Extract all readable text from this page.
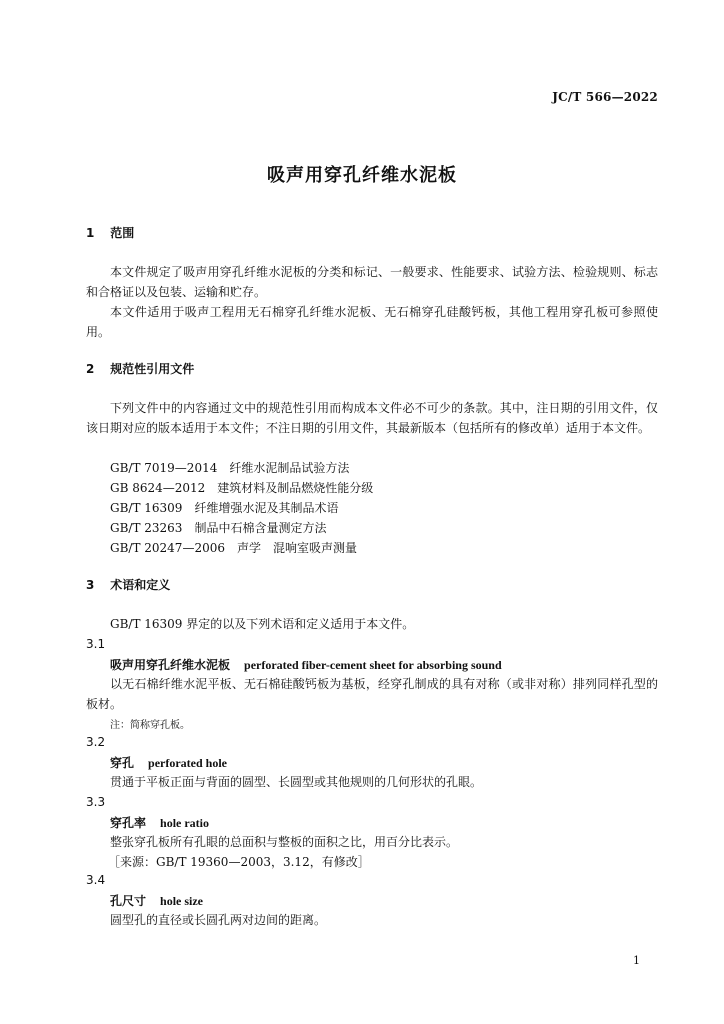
JC/T 566—2022
吸声用穿孔纤维水泥板
1 范围
本文件规定了吸声用穿孔纤维水泥板的分类和标记、一般要求、性能要求、试验方法、检验规则、标志和合格证以及包装、运输和贮存。
本文件适用于吸声工程用无石棉穿孔纤维水泥板、无石棉穿孔硅酸钙板，其他工程用穿孔板可参照使用。
2 规范性引用文件
下列文件中的内容通过文中的规范性引用而构成本文件必不可少的条款。其中，注日期的引用文件，仅该日期对应的版本适用于本文件；不注日期的引用文件，其最新版本（包括所有的修改单）适用于本文件。
GB/T 7019—2014　纤维水泥制品试验方法
GB 8624—2012　建筑材料及制品燃烧性能分级
GB/T 16309　纤维增强水泥及其制品术语
GB/T 23263　制品中石棉含量测定方法
GB/T 20247—2006　声学　混响室吸声测量
3 术语和定义
GB/T 16309 界定的以及下列术语和定义适用于本文件。
3.1
吸声用穿孔纤维水泥板 perforated fiber-cement sheet for absorbing sound
以无石棉纤维水泥平板、无石棉硅酸钙板为基板，经穿孔制成的具有对称（或非对称）排列同样孔型的板材。
注：简称穿孔板。
3.2
穿孔 perforated hole
贯通于平板正面与背面的圆型、长圆型或其他规则的几何形状的孔眼。
3.3
穿孔率 hole ratio
整张穿孔板所有孔眼的总面积与整板的面积之比，用百分比表示。
［来源：GB/T 19360—2003，3.12，有修改］
3.4
孔尺寸 hole size
圆型孔的直径或长圆孔两对边间的距离。
1
